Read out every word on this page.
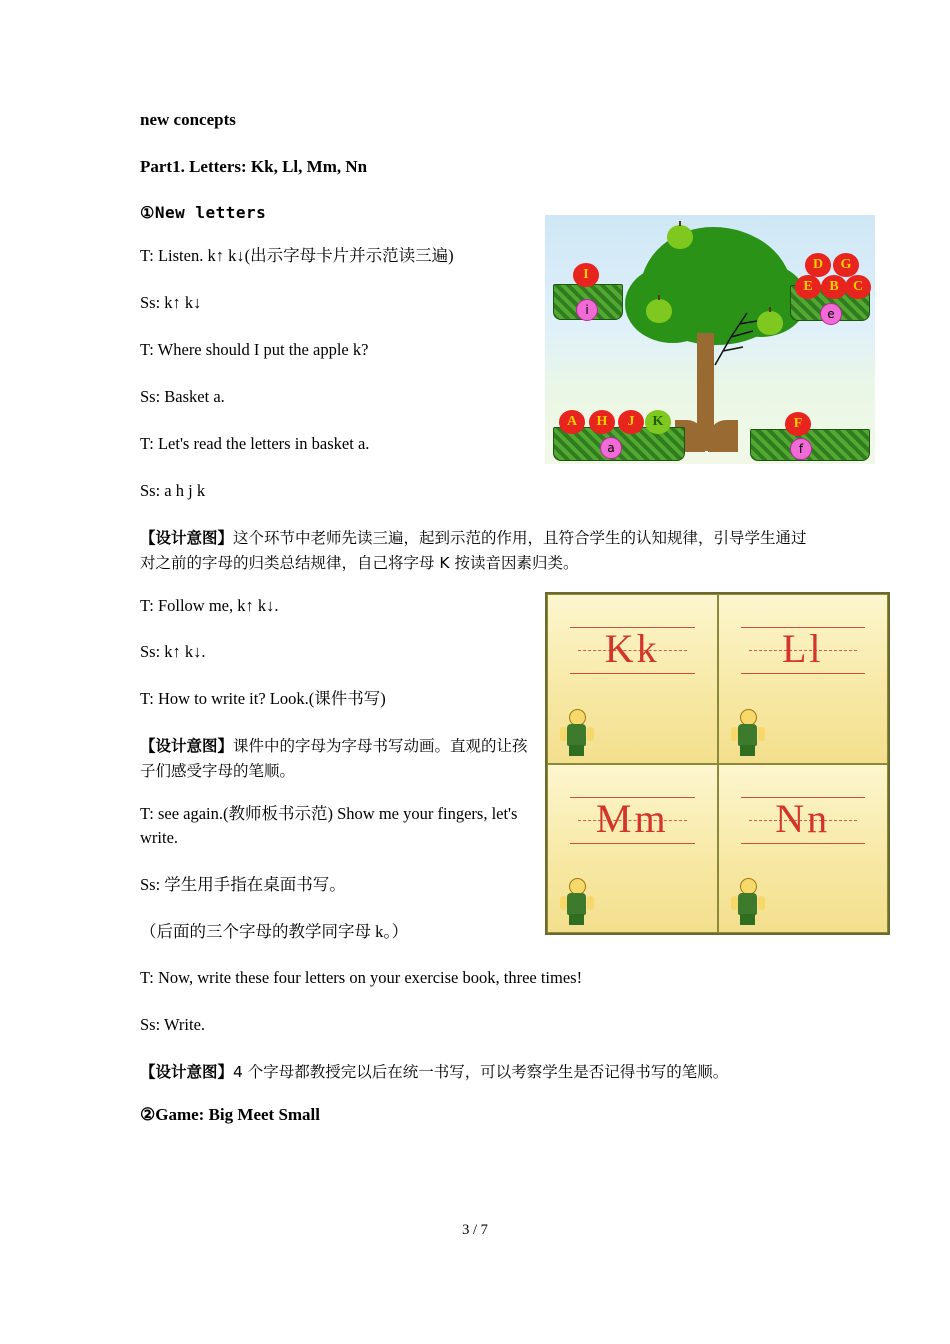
new concepts

Part1. Letters: Kk, Ll, Mm, Nn

①New letters

T: Listen. k↑ k↓(出示字母卡片并示范读三遍)

Ss: k↑ k↓

T: Where should I put the apple k?

Ss: Basket a.

T: Let's read the letters in basket a.

Ss: a h j k

【设计意图】这个环节中老师先读三遍，起到示范的作用，且符合学生的认知规律，引导学生通过对之前的字母的归类总结规律，自己将字母 K 按读音因素归类。

T: Follow me, k↑ k↓.

Ss: k↑ k↓.

T: How to write it? Look.(课件书写)

【设计意图】课件中的字母为字母书写动画。直观的让孩子们感受字母的笔顺。

T: see again.(教师板书示范) Show me your fingers, let's write.

Ss: 学生用手指在桌面书写。

（后面的三个字母的教学同字母 k。）

T: Now, write these four letters on your exercise book, three times!

Ss: Write.

【设计意图】4 个字母都教授完以后在统一书写，可以考察学生是否记得书写的笔顺。

②Game: Big Meet Small

I
i
D	G
E	B	C
e
A	H	J	K
a
F
f
Kk	Ll
Mm	Nn
3 / 7
